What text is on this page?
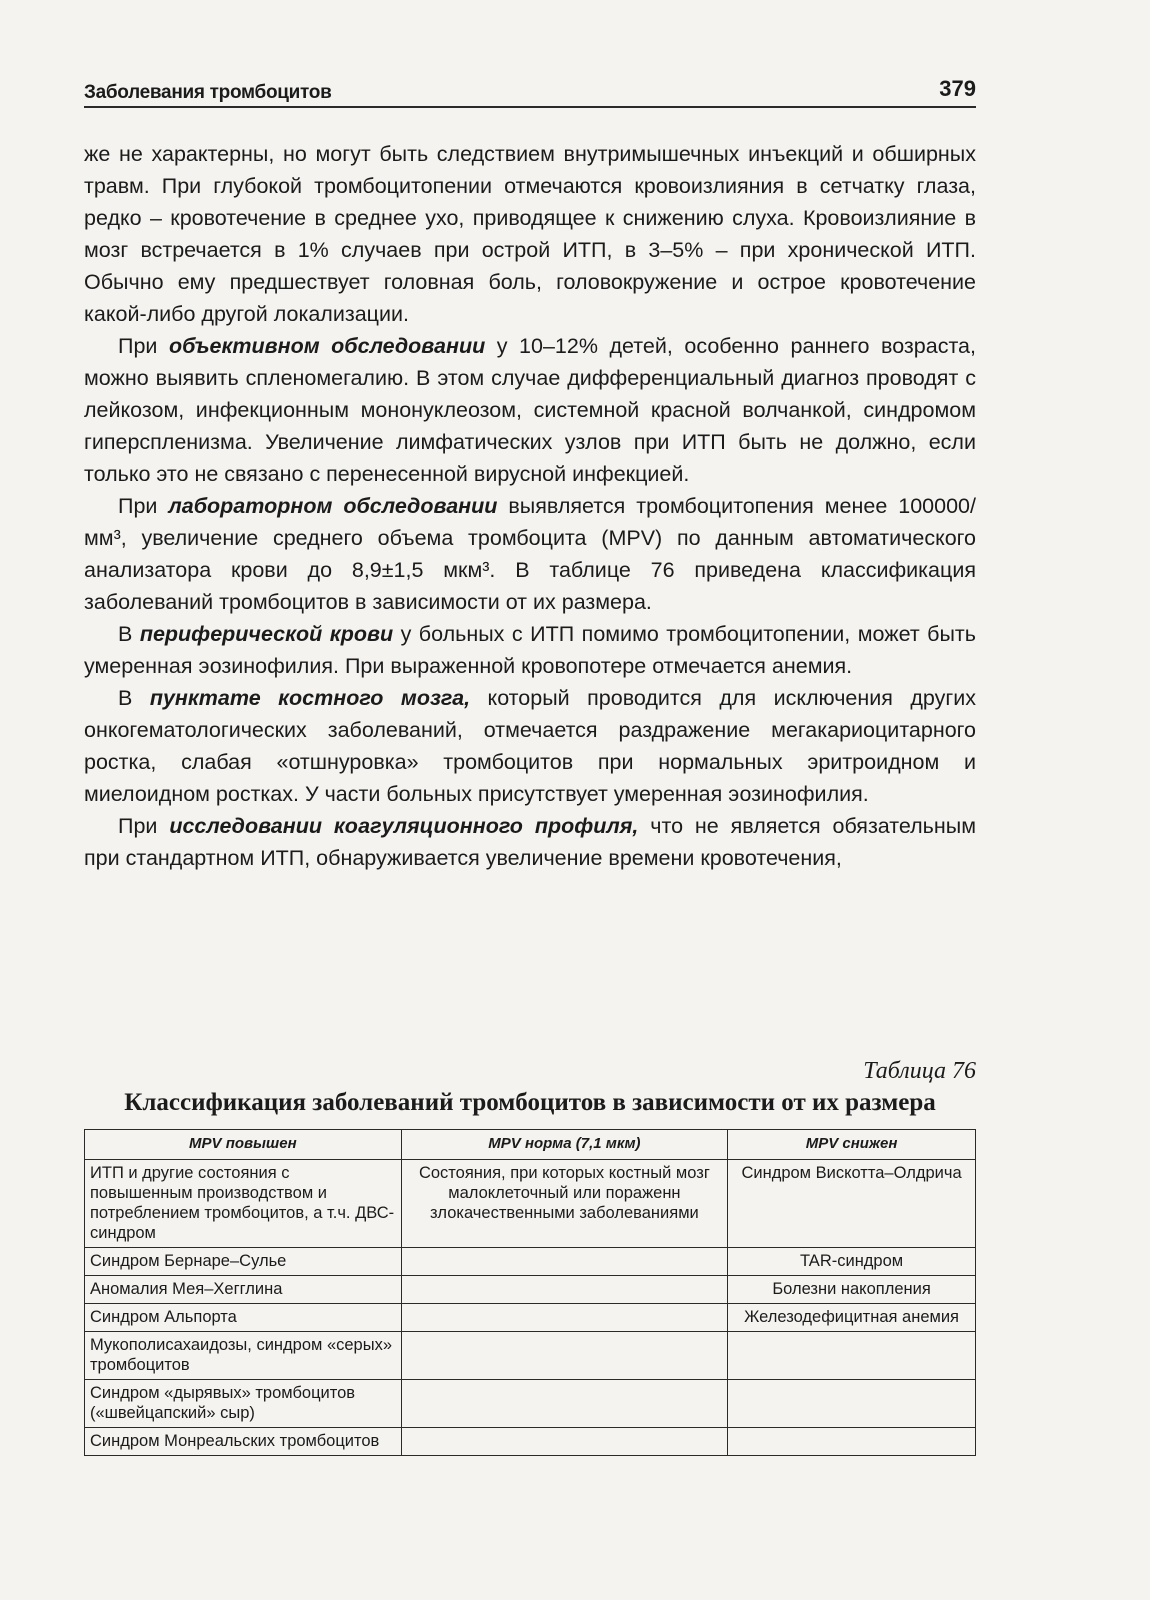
Заболевания тромбоцитов	379

же не характерны, но могут быть следствием внутримышечных инъекций и обширных травм. При глубокой тромбоцитопении отмечаются кровоизлияния в сетчатку глаза, редко – кровотечение в среднее ухо, приводящее к снижению слуха. Кровоизлияние в мозг встречается в 1% случаев при острой ИТП, в 3–5% – при хронической ИТП. Обычно ему предшествует головная боль, головокружение и острое кровотечение какой-либо другой локализации.

При объективном обследовании у 10–12% детей, особенно раннего возраста, можно выявить спленомегалию. В этом случае дифференциальный диагноз проводят с лейкозом, инфекционным мононуклеозом, системной красной волчанкой, синдромом гиперспленизма. Увеличение лимфатических узлов при ИТП быть не должно, если только это не связано с перенесенной вирусной инфекцией.

При лабораторном обследовании выявляется тромбоцитопения менее 100000/мм³, увеличение среднего объема тромбоцита (MPV) по данным автоматического анализатора крови до 8,9±1,5 мкм³. В таблице 76 приведена классификация заболеваний тромбоцитов в зависимости от их размера.

В периферической крови у больных с ИТП помимо тромбоцитопении, может быть умеренная эозинофилия. При выраженной кровопотере отмечается анемия.

В пунктате костного мозга, который проводится для исключения других онкогематологических заболеваний, отмечается раздражение мегакариоцитарного ростка, слабая «отшнуровка» тромбоцитов при нормальных эритроидном и миелоидном ростках. У части больных присутствует умеренная эозинофилия.

При исследовании коагуляционного профиля, что не является обязательным при стандартном ИТП, обнаруживается увеличение времени кровотечения,

Таблица 76
Классификация заболеваний тромбоцитов в зависимости от их размера
MPV повышен	MPV норма (7,1 мкм)	MPV снижен
ИТП и другие состояния с повышенным производством и потреблением тромбоцитов, а т.ч. ДВС-синдром	Состояния, при которых костный мозг малоклеточный или пораженн злокачественными заболеваниями	Синдром Вискотта–Олдрича
Синдром Бернаре–Сулье		TAR-синдром
Аномалия Мея–Хегглина		Болезни накопления
Синдром Альпорта		Железодефицитная анемия
Мукополисахаидозы, синдром «серых» тромбоцитов		
Синдром «дырявых» тромбоцитов («швейцапский» сыр)		
Синдром Монреальских тромбоцитов		
